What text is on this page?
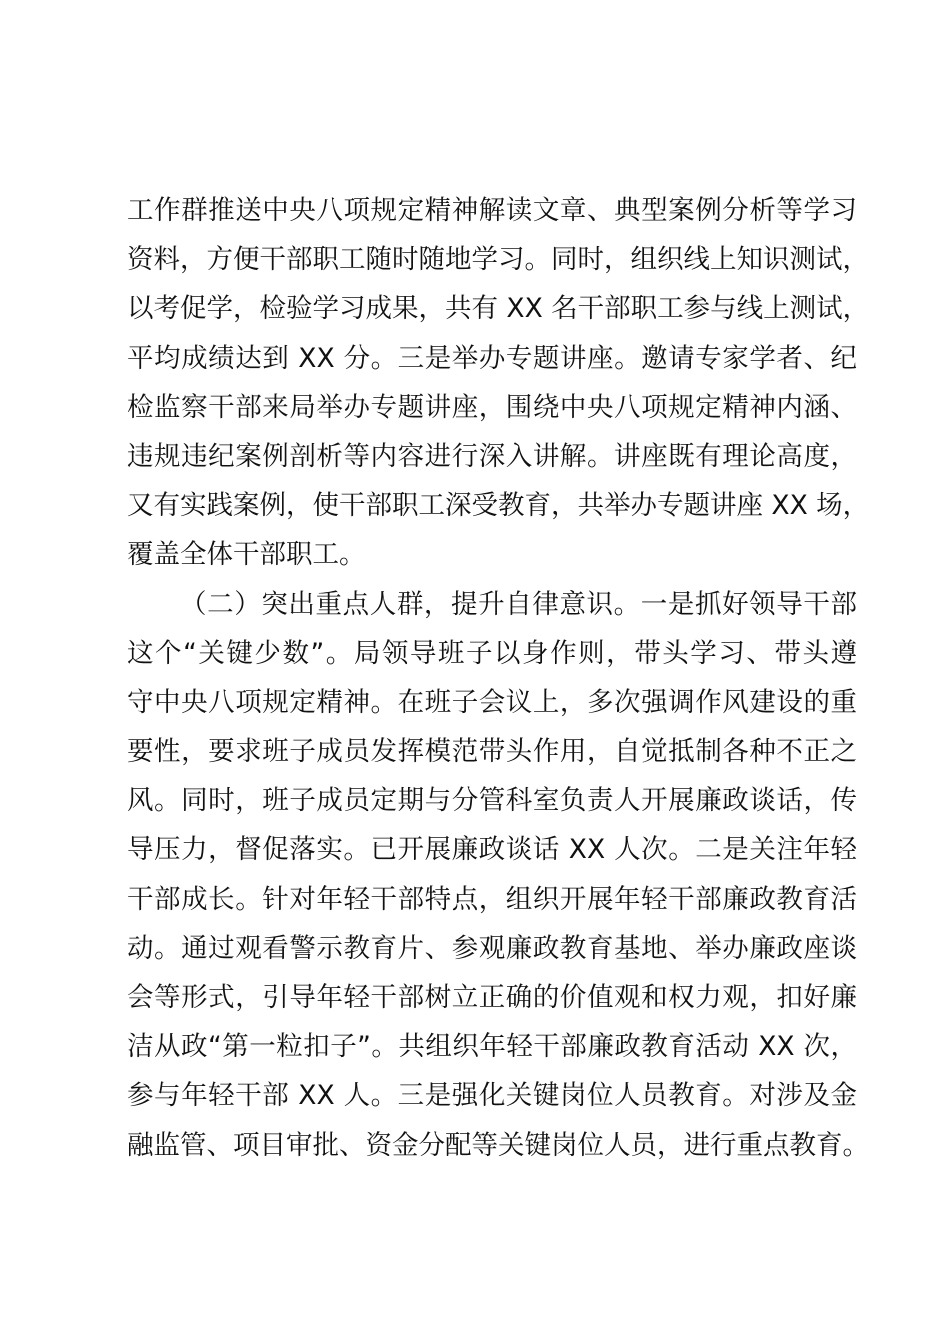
工作群推送中央八项规定精神解读文章、典型案例分析等学习
资料，方便干部职工随时随地学习。同时，组织线上知识测试，
以考促学，检验学习成果，共有 XX 名干部职工参与线上测试，
平均成绩达到 XX 分。三是举办专题讲座。邀请专家学者、纪
检监察干部来局举办专题讲座，围绕中央八项规定精神内涵、
违规违纪案例剖析等内容进行深入讲解。讲座既有理论高度，
又有实践案例，使干部职工深受教育，共举办专题讲座 XX 场，
覆盖全体干部职工。
（二）突出重点人群，提升自律意识。一是抓好领导干部
这个“关键少数”。局领导班子以身作则，带头学习、带头遵
守中央八项规定精神。在班子会议上，多次强调作风建设的重
要性，要求班子成员发挥模范带头作用，自觉抵制各种不正之
风。同时，班子成员定期与分管科室负责人开展廉政谈话，传
导压力，督促落实。已开展廉政谈话 XX 人次。二是关注年轻
干部成长。针对年轻干部特点，组织开展年轻干部廉政教育活
动。通过观看警示教育片、参观廉政教育基地、举办廉政座谈
会等形式，引导年轻干部树立正确的价值观和权力观，扣好廉
洁从政“第一粒扣子”。共组织年轻干部廉政教育活动 XX 次，
参与年轻干部 XX 人。三是强化关键岗位人员教育。对涉及金
融监管、项目审批、资金分配等关键岗位人员，进行重点教育。
